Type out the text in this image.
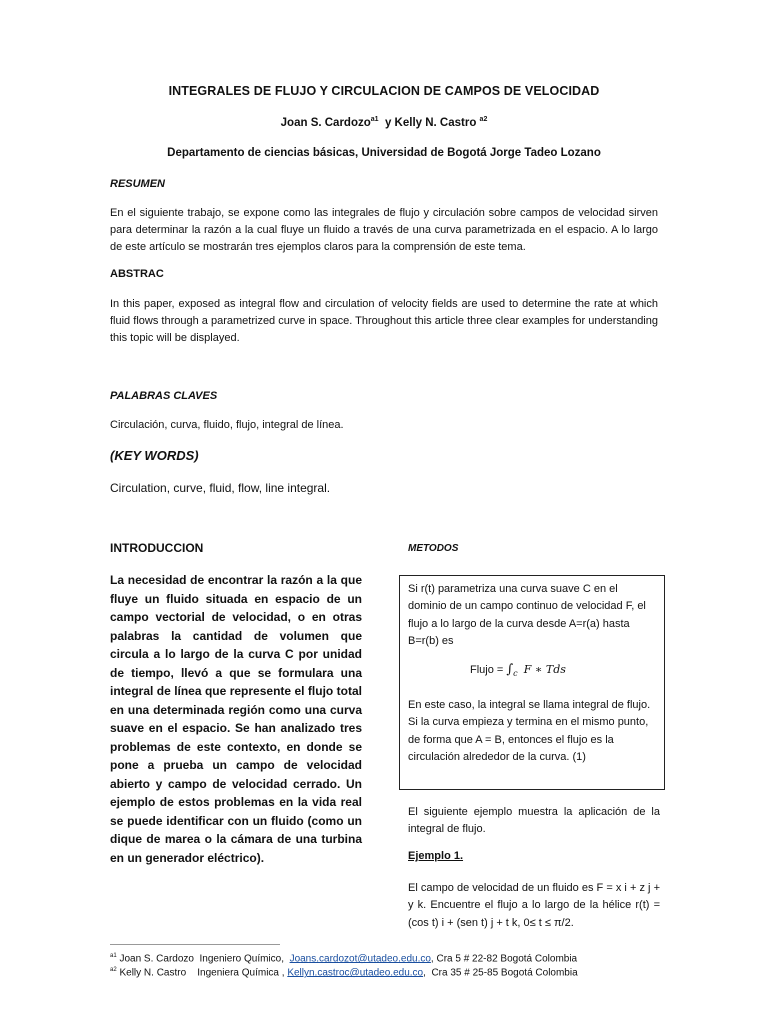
INTEGRALES DE FLUJO Y CIRCULACION DE CAMPOS DE VELOCIDAD
Joan S. Cardozo$^{a1}$  y Kelly N. Castro $^{a2}$
Departamento de ciencias básicas, Universidad de Bogotá Jorge Tadeo Lozano
RESUMEN
En el siguiente trabajo, se expone como las integrales de flujo y circulación sobre campos de velocidad sirven para determinar la razón a la cual fluye un fluido a través de una curva parametrizada en el espacio. A lo largo de este artículo se mostrarán tres ejemplos claros para la comprensión de este tema.
ABSTRAC
In this paper, exposed as integral flow and circulation of velocity fields are used to determine the rate at which fluid flows through a parametrized curve in space. Throughout this article three clear examples for understanding this topic will be displayed.
PALABRAS CLAVES
Circulación, curva, fluido, flujo, integral de línea.
(KEY WORDS)
Circulation, curve, fluid, flow, line integral.
INTRODUCCION
La necesidad de encontrar la razón a la que fluye un fluido situada en espacio de un campo vectorial de velocidad, o en otras palabras la cantidad de volumen que circula a lo largo de la curva C por unidad de tiempo, llevó a que se formulara una integral de línea que represente el flujo total en una determinada región como una curva suave en el espacio. Se han analizado tres problemas de este contexto, en donde se pone a prueba un campo de velocidad abierto y campo de velocidad cerrado. Un ejemplo de estos problemas en la vida real se puede identificar con un fluido (como un dique de marea o la cámara de una turbina en un generador eléctrico).
METODOS
Si r(t) parametriza una curva suave C en el dominio de un campo continuo de velocidad F, el flujo a lo largo de la curva desde A=r(a) hasta B=r(b) es
Flujo = $\int_c$ F ∗ Tds
En este caso, la integral se llama integral de flujo. Si la curva empieza y termina en el mismo punto, de forma que A = B, entonces el flujo es la circulación alrededor de la curva. (1)
El siguiente ejemplo muestra la aplicación de la integral de flujo.
Ejemplo 1.
El campo de velocidad de un fluido es F = x i + z j + y k. Encuentre el flujo a lo largo de la hélice r(t) = (cos t) i + (sen t) j + t k, 0≤ t ≤ π/2.
$^{a1}$ Joan S. Cardozo  Ingeniero Químico,  Joans.cardozot@utadeo.edu.co, Cra 5 # 22-82 Bogotá Colombia
$^{a2}$ Kelly N. Castro    Ingeniera Química , Kellyn.castroc@utadeo.edu.co,  Cra 35 # 25-85 Bogotá Colombia
